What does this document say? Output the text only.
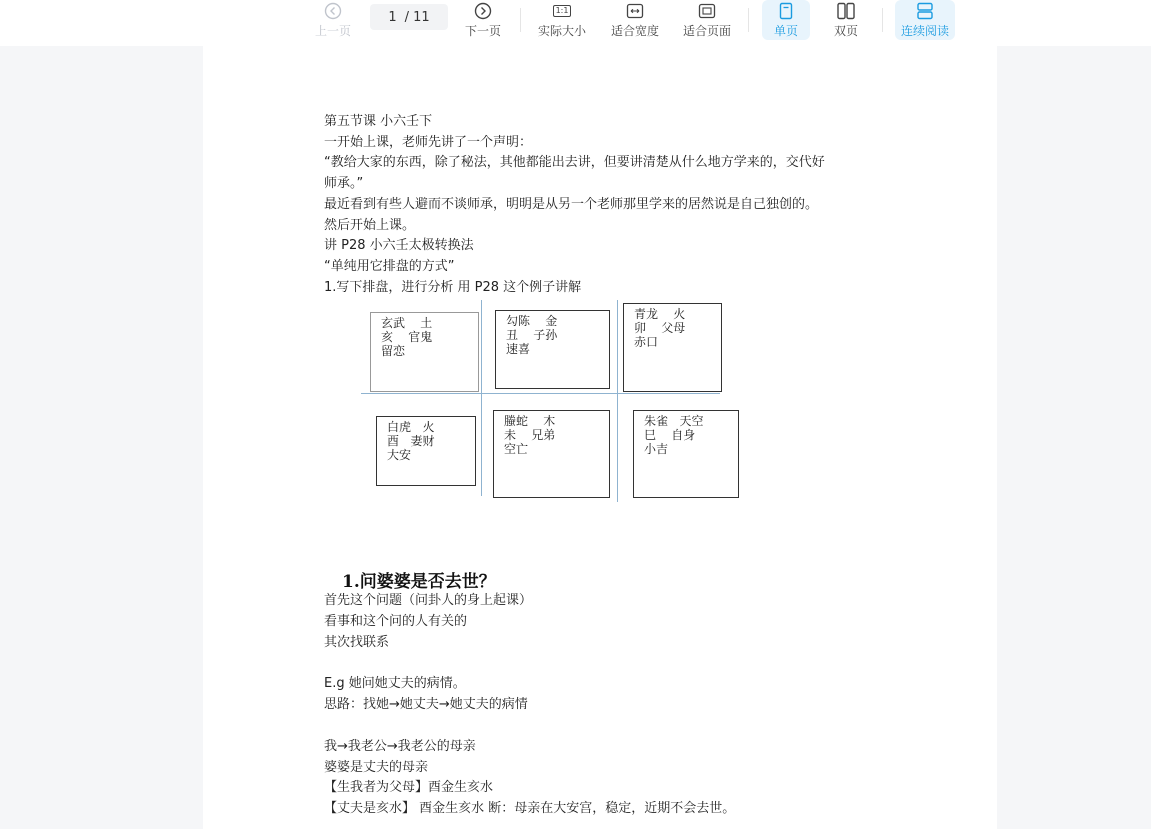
上一页
1 / 11
下一页
1:1
实际大小 适合宽度 适合页面	单页	双页	连续阅读
第五节课 小六壬下
一开始上课，老师先讲了一个声明：
“教给大家的东西，除了秘法，其他都能出去讲，但要讲清楚从什么地方学来的，交代好
师承。”
最近看到有些人避而不谈师承，明明是从另一个老师那里学来的居然说是自己独创的。
然后开始上课。
讲 P28 小六壬太极转换法
“单纯用它排盘的方式”
1.写下排盘，进行分析 用 P28 这个例子讲解
玄武    土
亥    官鬼
留恋
勾陈    金
丑    子孙
速喜
青龙    火
卯    父母
赤口
白虎   火
酉   妻财
大安
螣蛇    木
未    兄弟
空亡
朱雀   天空
巳    自身
小吉
1.问婆婆是否去世？
首先这个问题（问卦人的身上起课）
看事和这个问的人有关的
其次找联系
E.g 她问她丈夫的病情。
思路：找她→她丈夫→她丈夫的病情
我→我老公→我老公的母亲
婆婆是丈夫的母亲
【生我者为父母】酉金生亥水
【丈夫是亥水】 酉金生亥水 断：母亲在大安宫，稳定，近期不会去世。
